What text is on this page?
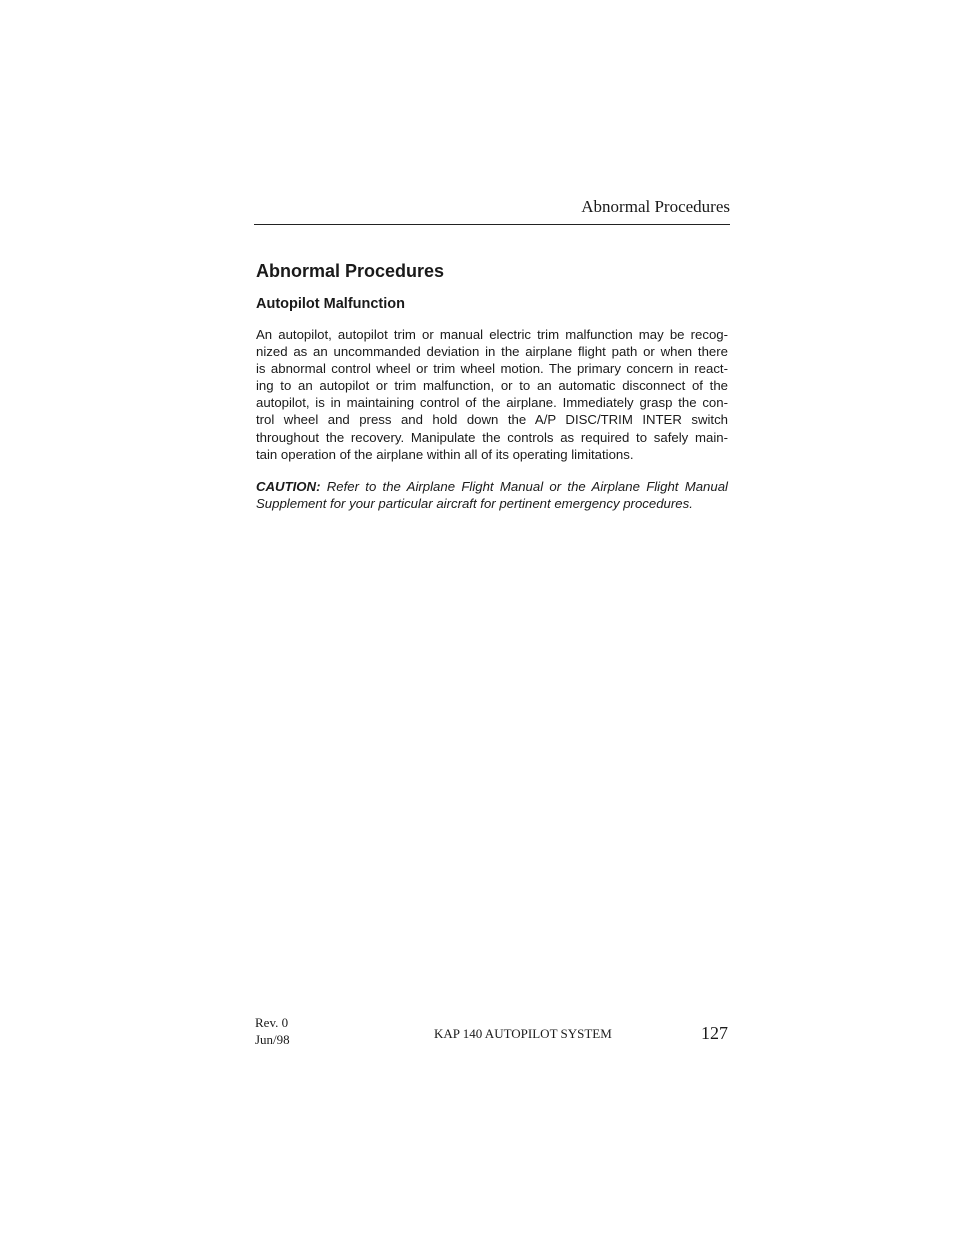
Abnormal Procedures
Abnormal Procedures
Autopilot Malfunction
An autopilot, autopilot trim or manual electric trim malfunction may be recog-
nized as an uncommanded deviation in the airplane flight path or when there
is abnormal control wheel or trim wheel motion. The primary concern in react-
ing to an autopilot or trim malfunction, or to an automatic disconnect of the
autopilot, is in maintaining control of the airplane. Immediately grasp the con-
trol wheel and press and hold down the A/P DISC/TRIM INTER switch
throughout the recovery. Manipulate the controls as required to safely main-
tain operation of the airplane within all of its operating limitations.
CAUTION: Refer to the Airplane Flight Manual or the Airplane Flight Manual
Supplement for your particular aircraft for pertinent emergency procedures.
Rev. 0
Jun/98	KAP 140 AUTOPILOT SYSTEM	127
